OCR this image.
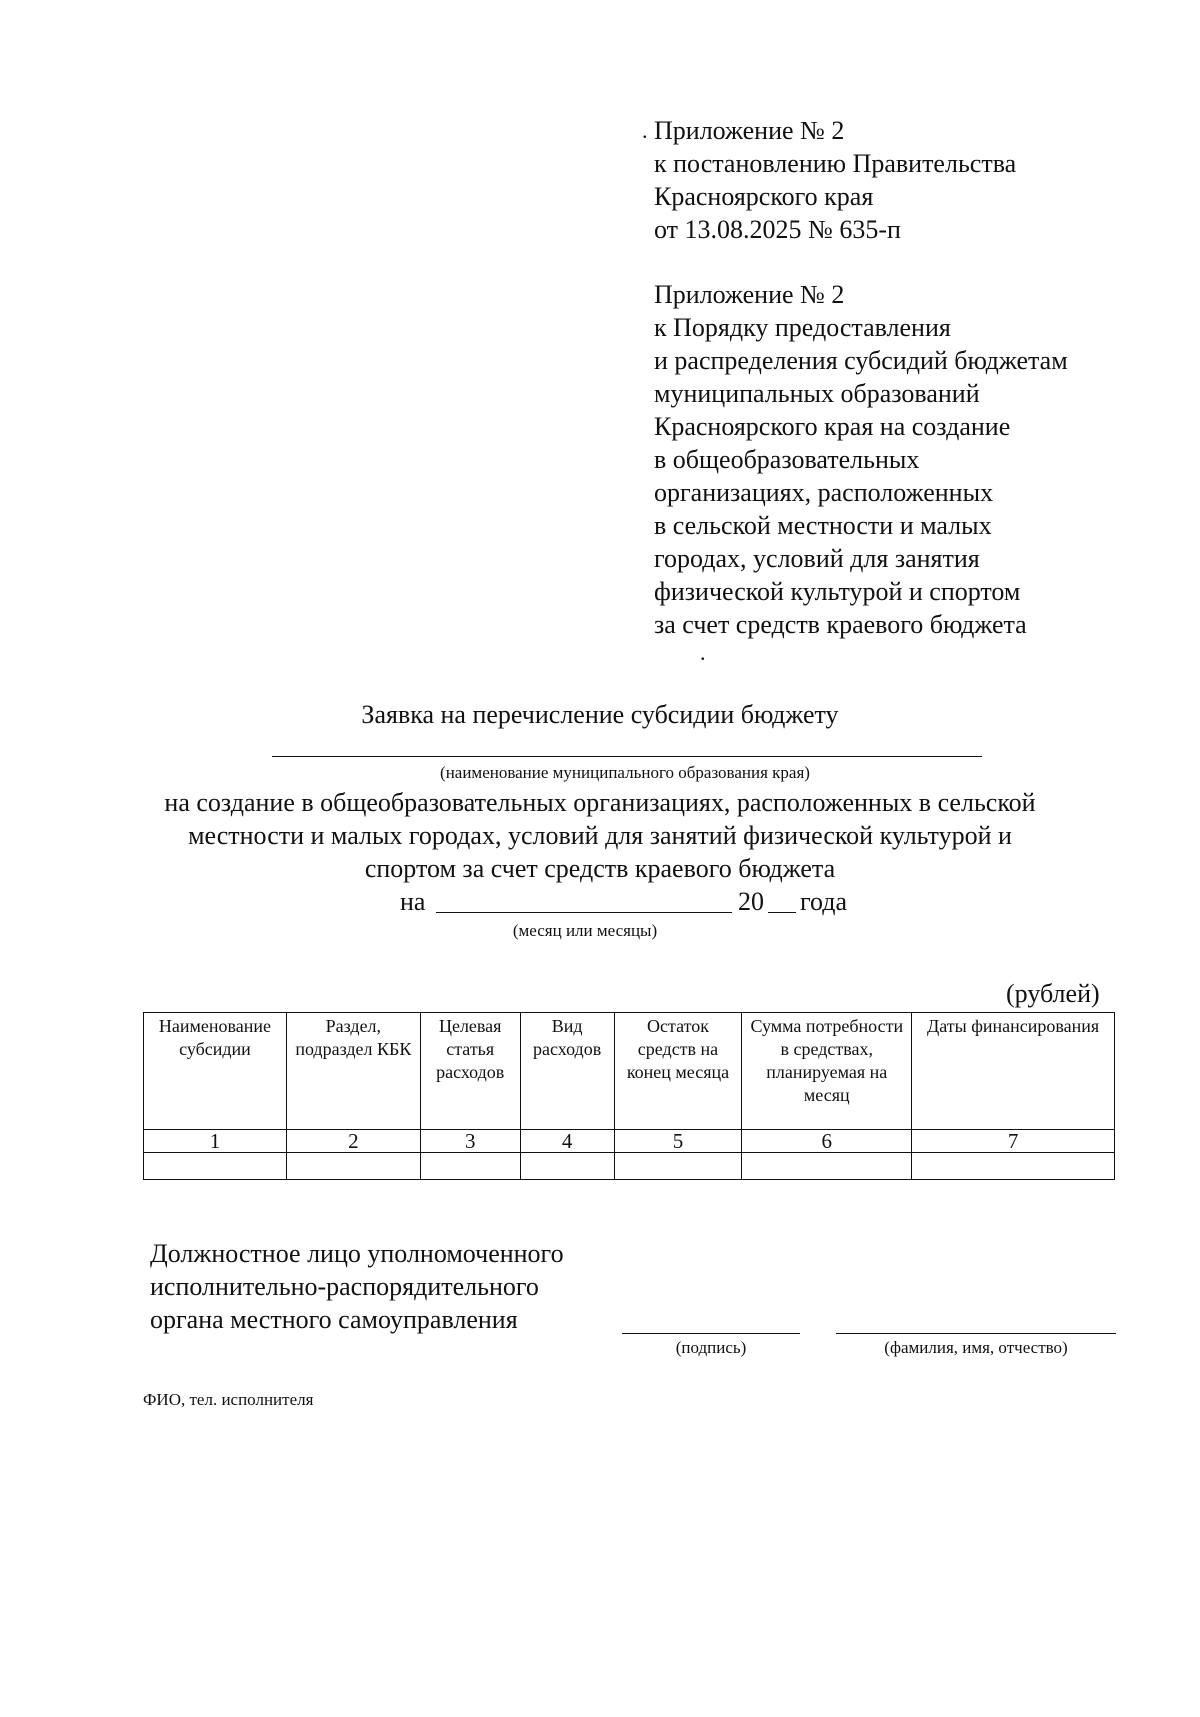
. Приложение № 2
к постановлению Правительства
Красноярского края
от 13.08.2025 № 635-п
Приложение № 2
к Порядку предоставления
и распределения субсидий бюджетам
муниципальных образований
Красноярского края на создание
в общеобразовательных
организациях, расположенных
в сельской местности и малых
городах, условий для занятия
физической культурой и спортом
за счет средств краевого бюджета
.
Заявка на перечисление субсидии бюджету
(наименование муниципального образования края)
на создание в общеобразовательных организациях, расположенных в сельской
местности и малых городах, условий для занятий физической культурой и
спортом за счет средств краевого бюджета
на	20 года
(месяц или месяцы)
(рублей)
Наименование субсидии	Раздел, подраздел КБК	Целевая статья расходов	Вид расходов	Остаток средств на конец месяца	Сумма потребности в средствах, планируемая на месяц	Даты финансирования
1	2	3	4	5	6	7

Должностное лицо уполномоченного
исполнительно-распорядительного
органа местного самоуправления
(подпись)	(фамилия, имя, отчество)
ФИО, тел. исполнителя
